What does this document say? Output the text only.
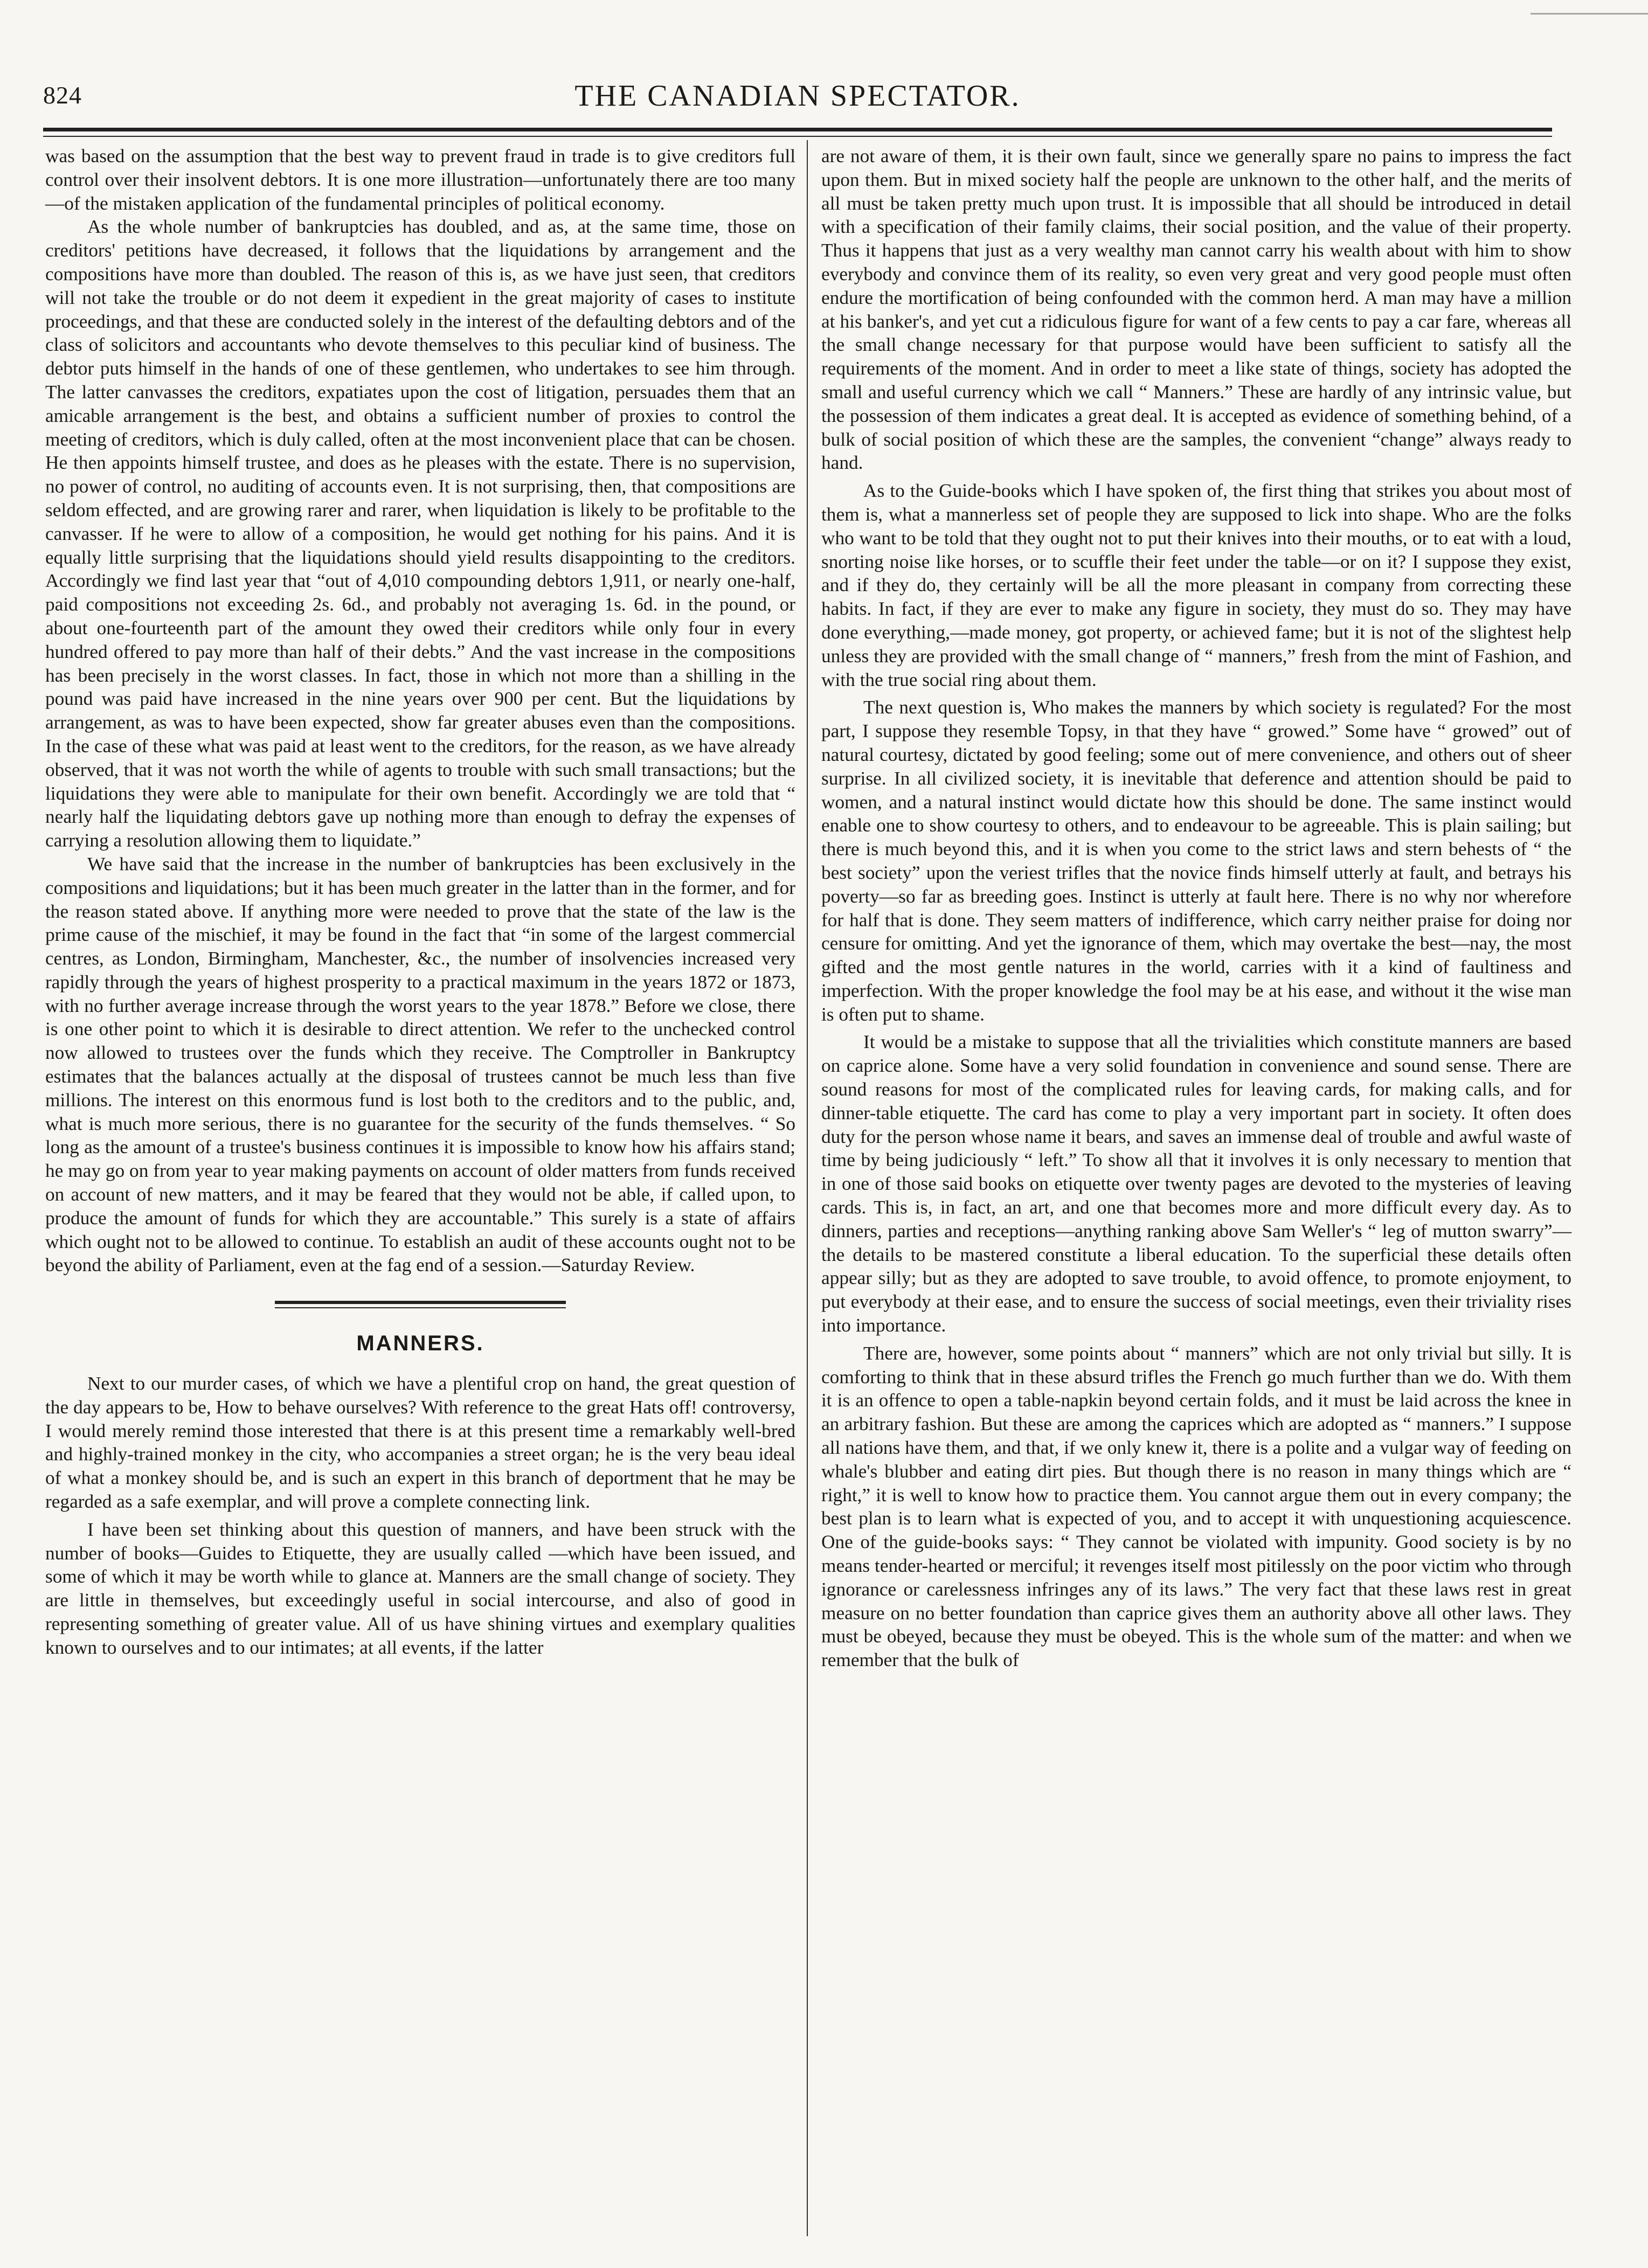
824	THE CANADIAN SPECTATOR.

was based on the assumption that the best way to prevent fraud in trade is to give creditors full control over their insolvent debtors. It is one more illustration—unfortunately there are too many—of the mistaken application of the fundamental principles of political economy.

As the whole number of bankruptcies has doubled, and as, at the same time, those on creditors' petitions have decreased, it follows that the liquidations by arrangement and the compositions have more than doubled. The reason of this is, as we have just seen, that creditors will not take the trouble or do not deem it expedient in the great majority of cases to institute proceedings, and that these are conducted solely in the interest of the defaulting debtors and of the class of solicitors and accountants who devote themselves to this peculiar kind of business. The debtor puts himself in the hands of one of these gentlemen, who undertakes to see him through. The latter canvasses the creditors, expatiates upon the cost of litigation, persuades them that an amicable arrangement is the best, and obtains a sufficient number of proxies to control the meeting of creditors, which is duly called, often at the most inconvenient place that can be chosen. He then appoints himself trustee, and does as he pleases with the estate. There is no supervision, no power of control, no auditing of accounts even. It is not surprising, then, that compositions are seldom effected, and are growing rarer and rarer, when liquidation is likely to be profitable to the canvasser. If he were to allow of a composition, he would get nothing for his pains. And it is equally little surprising that the liquidations should yield results disappointing to the creditors. Accordingly we find last year that “out of 4,010 compounding debtors 1,911, or nearly one-half, paid compositions not exceeding 2s. 6d., and probably not averaging 1s. 6d. in the pound, or about one-fourteenth part of the amount they owed their creditors while only four in every hundred offered to pay more than half of their debts.” And the vast increase in the compositions has been precisely in the worst classes. In fact, those in which not more than a shilling in the pound was paid have increased in the nine years over 900 per cent. But the liquidations by arrangement, as was to have been expected, show far greater abuses even than the compositions. In the case of these what was paid at least went to the creditors, for the reason, as we have already observed, that it was not worth the while of agents to trouble with such small transactions; but the liquidations they were able to manipulate for their own benefit. Accordingly we are told that “ nearly half the liquidating debtors gave up nothing more than enough to defray the expenses of carrying a resolution allowing them to liquidate.”

We have said that the increase in the number of bankruptcies has been exclusively in the compositions and liquidations; but it has been much greater in the latter than in the former, and for the reason stated above. If anything more were needed to prove that the state of the law is the prime cause of the mischief, it may be found in the fact that “in some of the largest commercial centres, as London, Birmingham, Manchester, &c., the number of insolvencies increased very rapidly through the years of highest prosperity to a practical maximum in the years 1872 or 1873, with no further average increase through the worst years to the year 1878.” Before we close, there is one other point to which it is desirable to direct attention. We refer to the unchecked control now allowed to trustees over the funds which they receive. The Comptroller in Bankruptcy estimates that the balances actually at the disposal of trustees cannot be much less than five millions. The interest on this enormous fund is lost both to the creditors and to the public, and, what is much more serious, there is no guarantee for the security of the funds themselves. “ So long as the amount of a trustee's business continues it is impossible to know how his affairs stand; he may go on from year to year making payments on account of older matters from funds received on account of new matters, and it may be feared that they would not be able, if called upon, to produce the amount of funds for which they are accountable.” This surely is a state of affairs which ought not to be allowed to continue. To establish an audit of these accounts ought not to be beyond the ability of Parliament, even at the fag end of a session.—Saturday Review.

MANNERS.

Next to our murder cases, of which we have a plentiful crop on hand, the great question of the day appears to be, How to behave ourselves? With reference to the great Hats off! controversy, I would merely remind those interested that there is at this present time a remarkably well-bred and highly-trained monkey in the city, who accompanies a street organ; he is the very beau ideal of what a monkey should be, and is such an expert in this branch of deportment that he may be regarded as a safe exemplar, and will prove a complete connecting link.

I have been set thinking about this question of manners, and have been struck with the number of books—Guides to Etiquette, they are usually called —which have been issued, and some of which it may be worth while to glance at. Manners are the small change of society. They are little in themselves, but exceedingly useful in social intercourse, and also of good in representing something of greater value. All of us have shining virtues and exemplary qualities known to ourselves and to our intimates; at all events, if the latter

are not aware of them, it is their own fault, since we generally spare no pains to impress the fact upon them. But in mixed society half the people are unknown to the other half, and the merits of all must be taken pretty much upon trust. It is impossible that all should be introduced in detail with a specification of their family claims, their social position, and the value of their property. Thus it happens that just as a very wealthy man cannot carry his wealth about with him to show everybody and convince them of its reality, so even very great and very good people must often endure the mortification of being confounded with the common herd. A man may have a million at his banker's, and yet cut a ridiculous figure for want of a few cents to pay a car fare, whereas all the small change necessary for that purpose would have been sufficient to satisfy all the requirements of the moment. And in order to meet a like state of things, society has adopted the small and useful currency which we call “ Manners.” These are hardly of any intrinsic value, but the possession of them indicates a great deal. It is accepted as evidence of something behind, of a bulk of social position of which these are the samples, the convenient “change” always ready to hand.

As to the Guide-books which I have spoken of, the first thing that strikes you about most of them is, what a mannerless set of people they are supposed to lick into shape. Who are the folks who want to be told that they ought not to put their knives into their mouths, or to eat with a loud, snorting noise like horses, or to scuffle their feet under the table—or on it? I suppose they exist, and if they do, they certainly will be all the more pleasant in company from correcting these habits. In fact, if they are ever to make any figure in society, they must do so. They may have done everything,—made money, got property, or achieved fame; but it is not of the slightest help unless they are provided with the small change of “ manners,” fresh from the mint of Fashion, and with the true social ring about them.

The next question is, Who makes the manners by which society is regulated? For the most part, I suppose they resemble Topsy, in that they have “ growed.” Some have “ growed” out of natural courtesy, dictated by good feeling; some out of mere convenience, and others out of sheer surprise. In all civilized society, it is inevitable that deference and attention should be paid to women, and a natural instinct would dictate how this should be done. The same instinct would enable one to show courtesy to others, and to endeavour to be agreeable. This is plain sailing; but there is much beyond this, and it is when you come to the strict laws and stern behests of “ the best society” upon the veriest trifles that the novice finds himself utterly at fault, and betrays his poverty—so far as breeding goes. Instinct is utterly at fault here. There is no why nor wherefore for half that is done. They seem matters of indifference, which carry neither praise for doing nor censure for omitting. And yet the ignorance of them, which may overtake the best—nay, the most gifted and the most gentle natures in the world, carries with it a kind of faultiness and imperfection. With the proper knowledge the fool may be at his ease, and without it the wise man is often put to shame.

It would be a mistake to suppose that all the trivialities which constitute manners are based on caprice alone. Some have a very solid foundation in convenience and sound sense. There are sound reasons for most of the complicated rules for leaving cards, for making calls, and for dinner-table etiquette. The card has come to play a very important part in society. It often does duty for the person whose name it bears, and saves an immense deal of trouble and awful waste of time by being judiciously “ left.” To show all that it involves it is only necessary to mention that in one of those said books on etiquette over twenty pages are devoted to the mysteries of leaving cards. This is, in fact, an art, and one that becomes more and more difficult every day. As to dinners, parties and receptions—anything ranking above Sam Weller's “ leg of mutton swarry”—the details to be mastered constitute a liberal education. To the superficial these details often appear silly; but as they are adopted to save trouble, to avoid offence, to promote enjoyment, to put everybody at their ease, and to ensure the success of social meetings, even their triviality rises into importance.

There are, however, some points about “ manners” which are not only trivial but silly. It is comforting to think that in these absurd trifles the French go much further than we do. With them it is an offence to open a table-napkin beyond certain folds, and it must be laid across the knee in an arbitrary fashion. But these are among the caprices which are adopted as “ manners.” I suppose all nations have them, and that, if we only knew it, there is a polite and a vulgar way of feeding on whale's blubber and eating dirt pies. But though there is no reason in many things which are “ right,” it is well to know how to practice them. You cannot argue them out in every company; the best plan is to learn what is expected of you, and to accept it with unquestioning acquiescence. One of the guide-books says: “ They cannot be violated with impunity. Good society is by no means tender-hearted or merciful; it revenges itself most pitilessly on the poor victim who through ignorance or carelessness infringes any of its laws.” The very fact that these laws rest in great measure on no better foundation than caprice gives them an authority above all other laws. They must be obeyed, because they must be obeyed. This is the whole sum of the matter: and when we remember that the bulk of
